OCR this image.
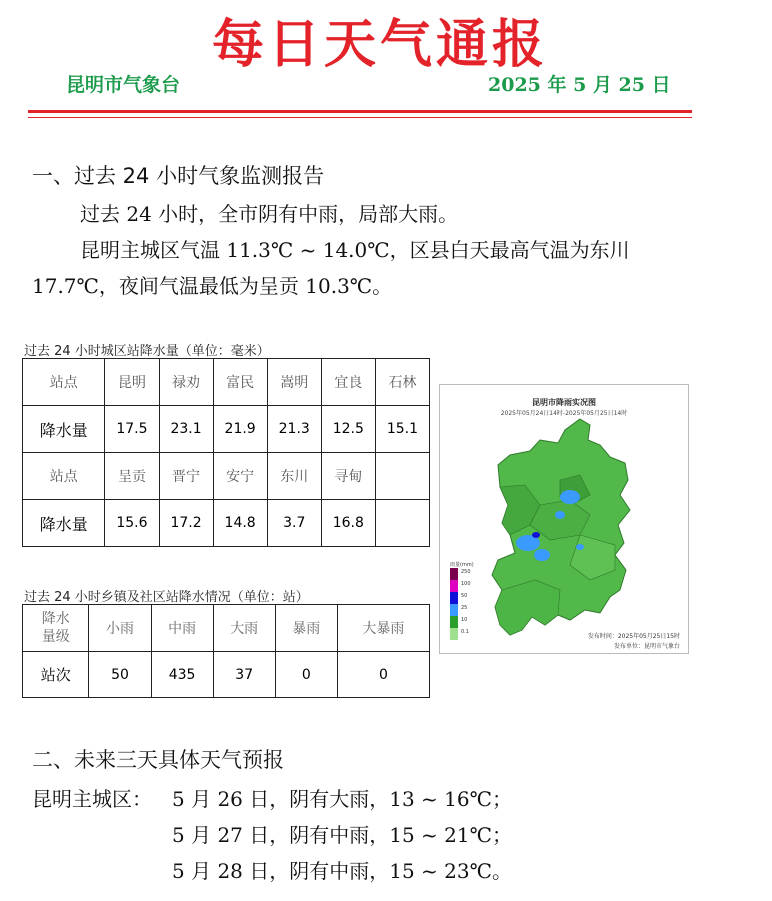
每日天气通报
昆明市气象台	2025 年 5 月 25 日
一、过去 24 小时气象监测报告
过去 24 小时，全市阴有中雨，局部大雨。
昆明主城区气温 11.3℃ ~ 14.0℃，区县白天最高气温为东川
17.7℃，夜间气温最低为呈贡 10.3℃。
过去 24 小时城区站降水量（单位：毫米）
站点	昆明	禄劝	富民	嵩明	宜良	石林
降水量	17.5	23.1	21.9	21.3	12.5	15.1
站点	呈贡	晋宁	安宁	东川	寻甸	
降水量	15.6	17.2	14.8	3.7	16.8	
昆明市降雨实况图
2025年05月24日14时-2025年05月25日14时
雨量(mm)
250
100
50
25
10
0.1
发布时间：2025年05月25日15时
发布单位：昆明市气象台
过去 24 小时乡镇及社区站降水情况（单位：站）
降水
量级	小雨	中雨	大雨	暴雨	大暴雨
站次	50	435	37	0	0
二、未来三天具体天气预报
昆明主城区： 5 月 26 日，阴有大雨，13 ~ 16℃；
5 月 27 日，阴有中雨，15 ~ 21℃；
5 月 28 日，阴有中雨，15 ~ 23℃。
